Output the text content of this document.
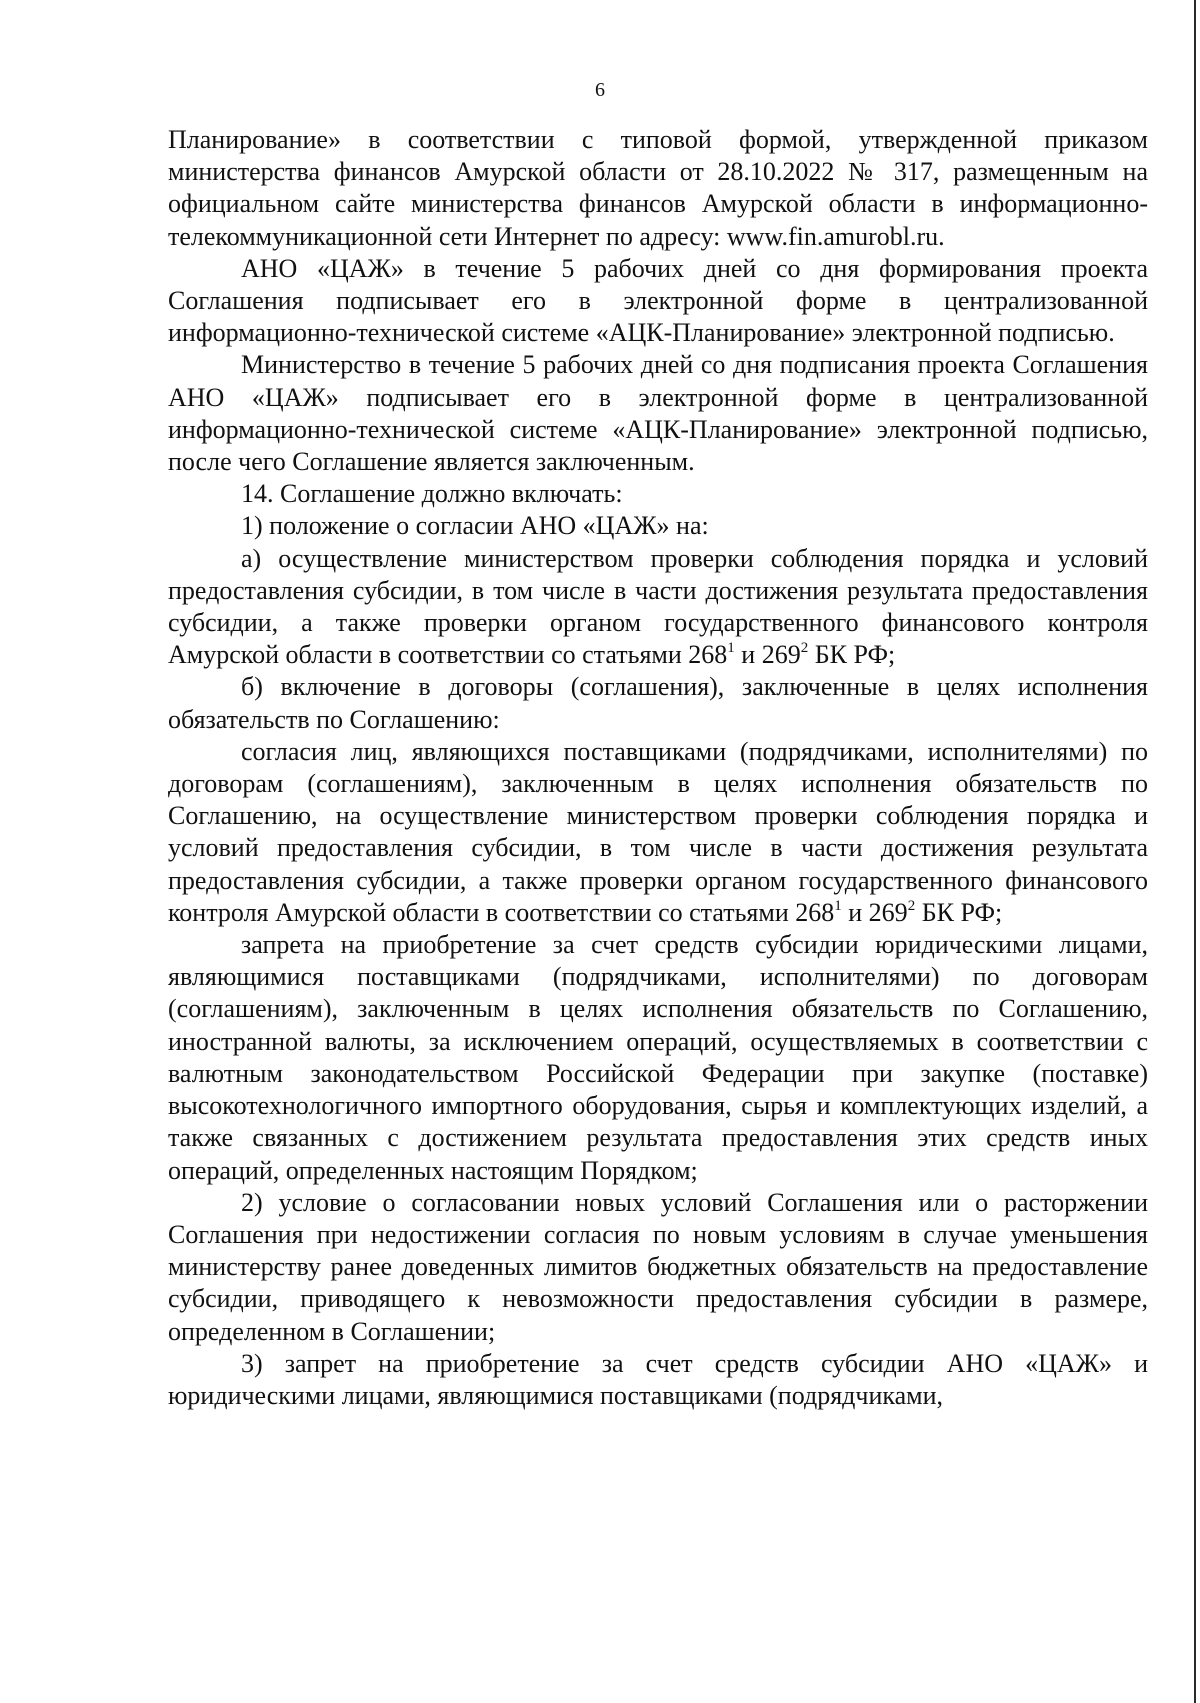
6

Планирование» в соответствии с типовой формой, утвержденной приказом министерства финансов Амурской области от 28.10.2022 № 317, размещенным на официальном сайте министерства финансов Амурской области в информационно-телекоммуникационной сети Интернет по адресу: www.fin.amurobl.ru.

АНО «ЦАЖ» в течение 5 рабочих дней со дня формирования проекта Соглашения подписывает его в электронной форме в централизованной информационно-технической системе «АЦК-Планирование» электронной подписью.

Министерство в течение 5 рабочих дней со дня подписания проекта Соглашения АНО «ЦАЖ» подписывает его в электронной форме в централизованной информационно-технической системе «АЦК-Планирование» электронной подписью, после чего Соглашение является заключенным.

14. Соглашение должно включать:

1) положение о согласии АНО «ЦАЖ» на:

а) осуществление министерством проверки соблюдения порядка и условий предоставления субсидии, в том числе в части достижения результата предоставления субсидии, а также проверки органом государственного финансового контроля Амурской области в соответствии со статьями $268^1$ и $269^2$ БК РФ;

б) включение в договоры (соглашения), заключенные в целях исполнения обязательств по Соглашению:

согласия лиц, являющихся поставщиками (подрядчиками, исполнителями) по договорам (соглашениям), заключенным в целях исполнения обязательств по Соглашению, на осуществление министерством проверки соблюдения порядка и условий предоставления субсидии, в том числе в части достижения результата предоставления субсидии, а также проверки органом государственного финансового контроля Амурской области в соответствии со статьями $268^1$ и $269^2$ БК РФ;

запрета на приобретение за счет средств субсидии юридическими лицами, являющимися поставщиками (подрядчиками, исполнителями) по договорам (соглашениям), заключенным в целях исполнения обязательств по Соглашению, иностранной валюты, за исключением операций, осуществляемых в соответствии с валютным законодательством Российской Федерации при закупке (поставке) высокотехнологичного импортного оборудования, сырья и комплектующих изделий, а также связанных с достижением результата предоставления этих средств иных операций, определенных настоящим Порядком;

2) условие о согласовании новых условий Соглашения или о расторжении Соглашения при недостижении согласия по новым условиям в случае уменьшения министерству ранее доведенных лимитов бюджетных обязательств на предоставление субсидии, приводящего к невозможности предоставления субсидии в размере, определенном в Соглашении;

3) запрет на приобретение за счет средств субсидии АНО «ЦАЖ» и юридическими лицами, являющимися поставщиками (подрядчиками,
